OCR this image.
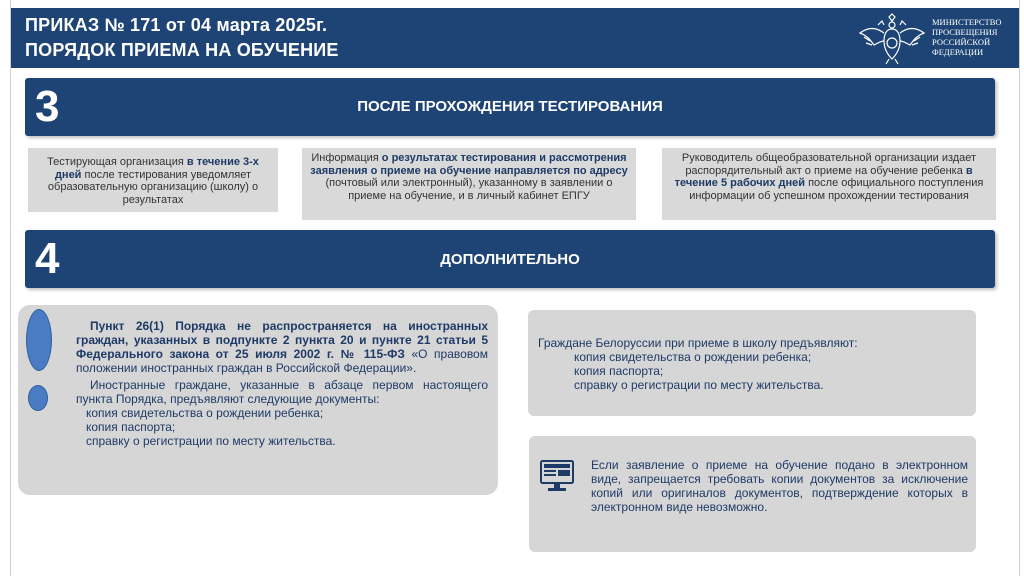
ПРИКАЗ № 171 от 04 марта 2025г.
ПОРЯДОК ПРИЕМА НА ОБУЧЕНИЕ
МИНИСТЕРСТВО
ПРОСВЕЩЕНИЯ
РОССИЙСКОЙ
ФЕДЕРАЦИИ
3	ПОСЛЕ ПРОХОЖДЕНИЯ ТЕСТИРОВАНИЯ
Тестирующая организация в течение 3-х дней после тестирования уведомляет образовательную организацию (школу) о результатах
Информация о результатах тестирования и рассмотрения заявления о приеме на обучение направляется по адресу (почтовый или электронный), указанному в заявлении о приеме на обучение, и в личный кабинет ЕПГУ
Руководитель общеобразовательной организации издает распорядительный акт о приеме на обучение ребенка в течение 5 рабочих дней после официального поступления информации об успешном прохождении тестирования
4	ДОПОЛНИТЕЛЬНО
Пункт 26(1) Порядка не распространяется на иностранных граждан, указанных в подпункте 2 пункта 20 и пункте 21 статьи 5 Федерального закона от 25 июля 2002 г. № 115-ФЗ «О правовом положении иностранных граждан в Российской Федерации».
Иностранные граждане, указанные в абзаце первом настоящего пункта Порядка, предъявляют следующие документы:
копия свидетельства о рождении ребенка;
копия паспорта;
справку о регистрации по месту жительства.
Граждане Белоруссии при приеме в школу предъявляют:
копия свидетельства о рождении ребенка;
копия паспорта;
справку о регистрации по месту жительства.
Если заявление о приеме на обучение подано в электронном виде, запрещается требовать копии документов за исключение копий или оригиналов документов, подтверждение которых в электронном виде невозможно.
